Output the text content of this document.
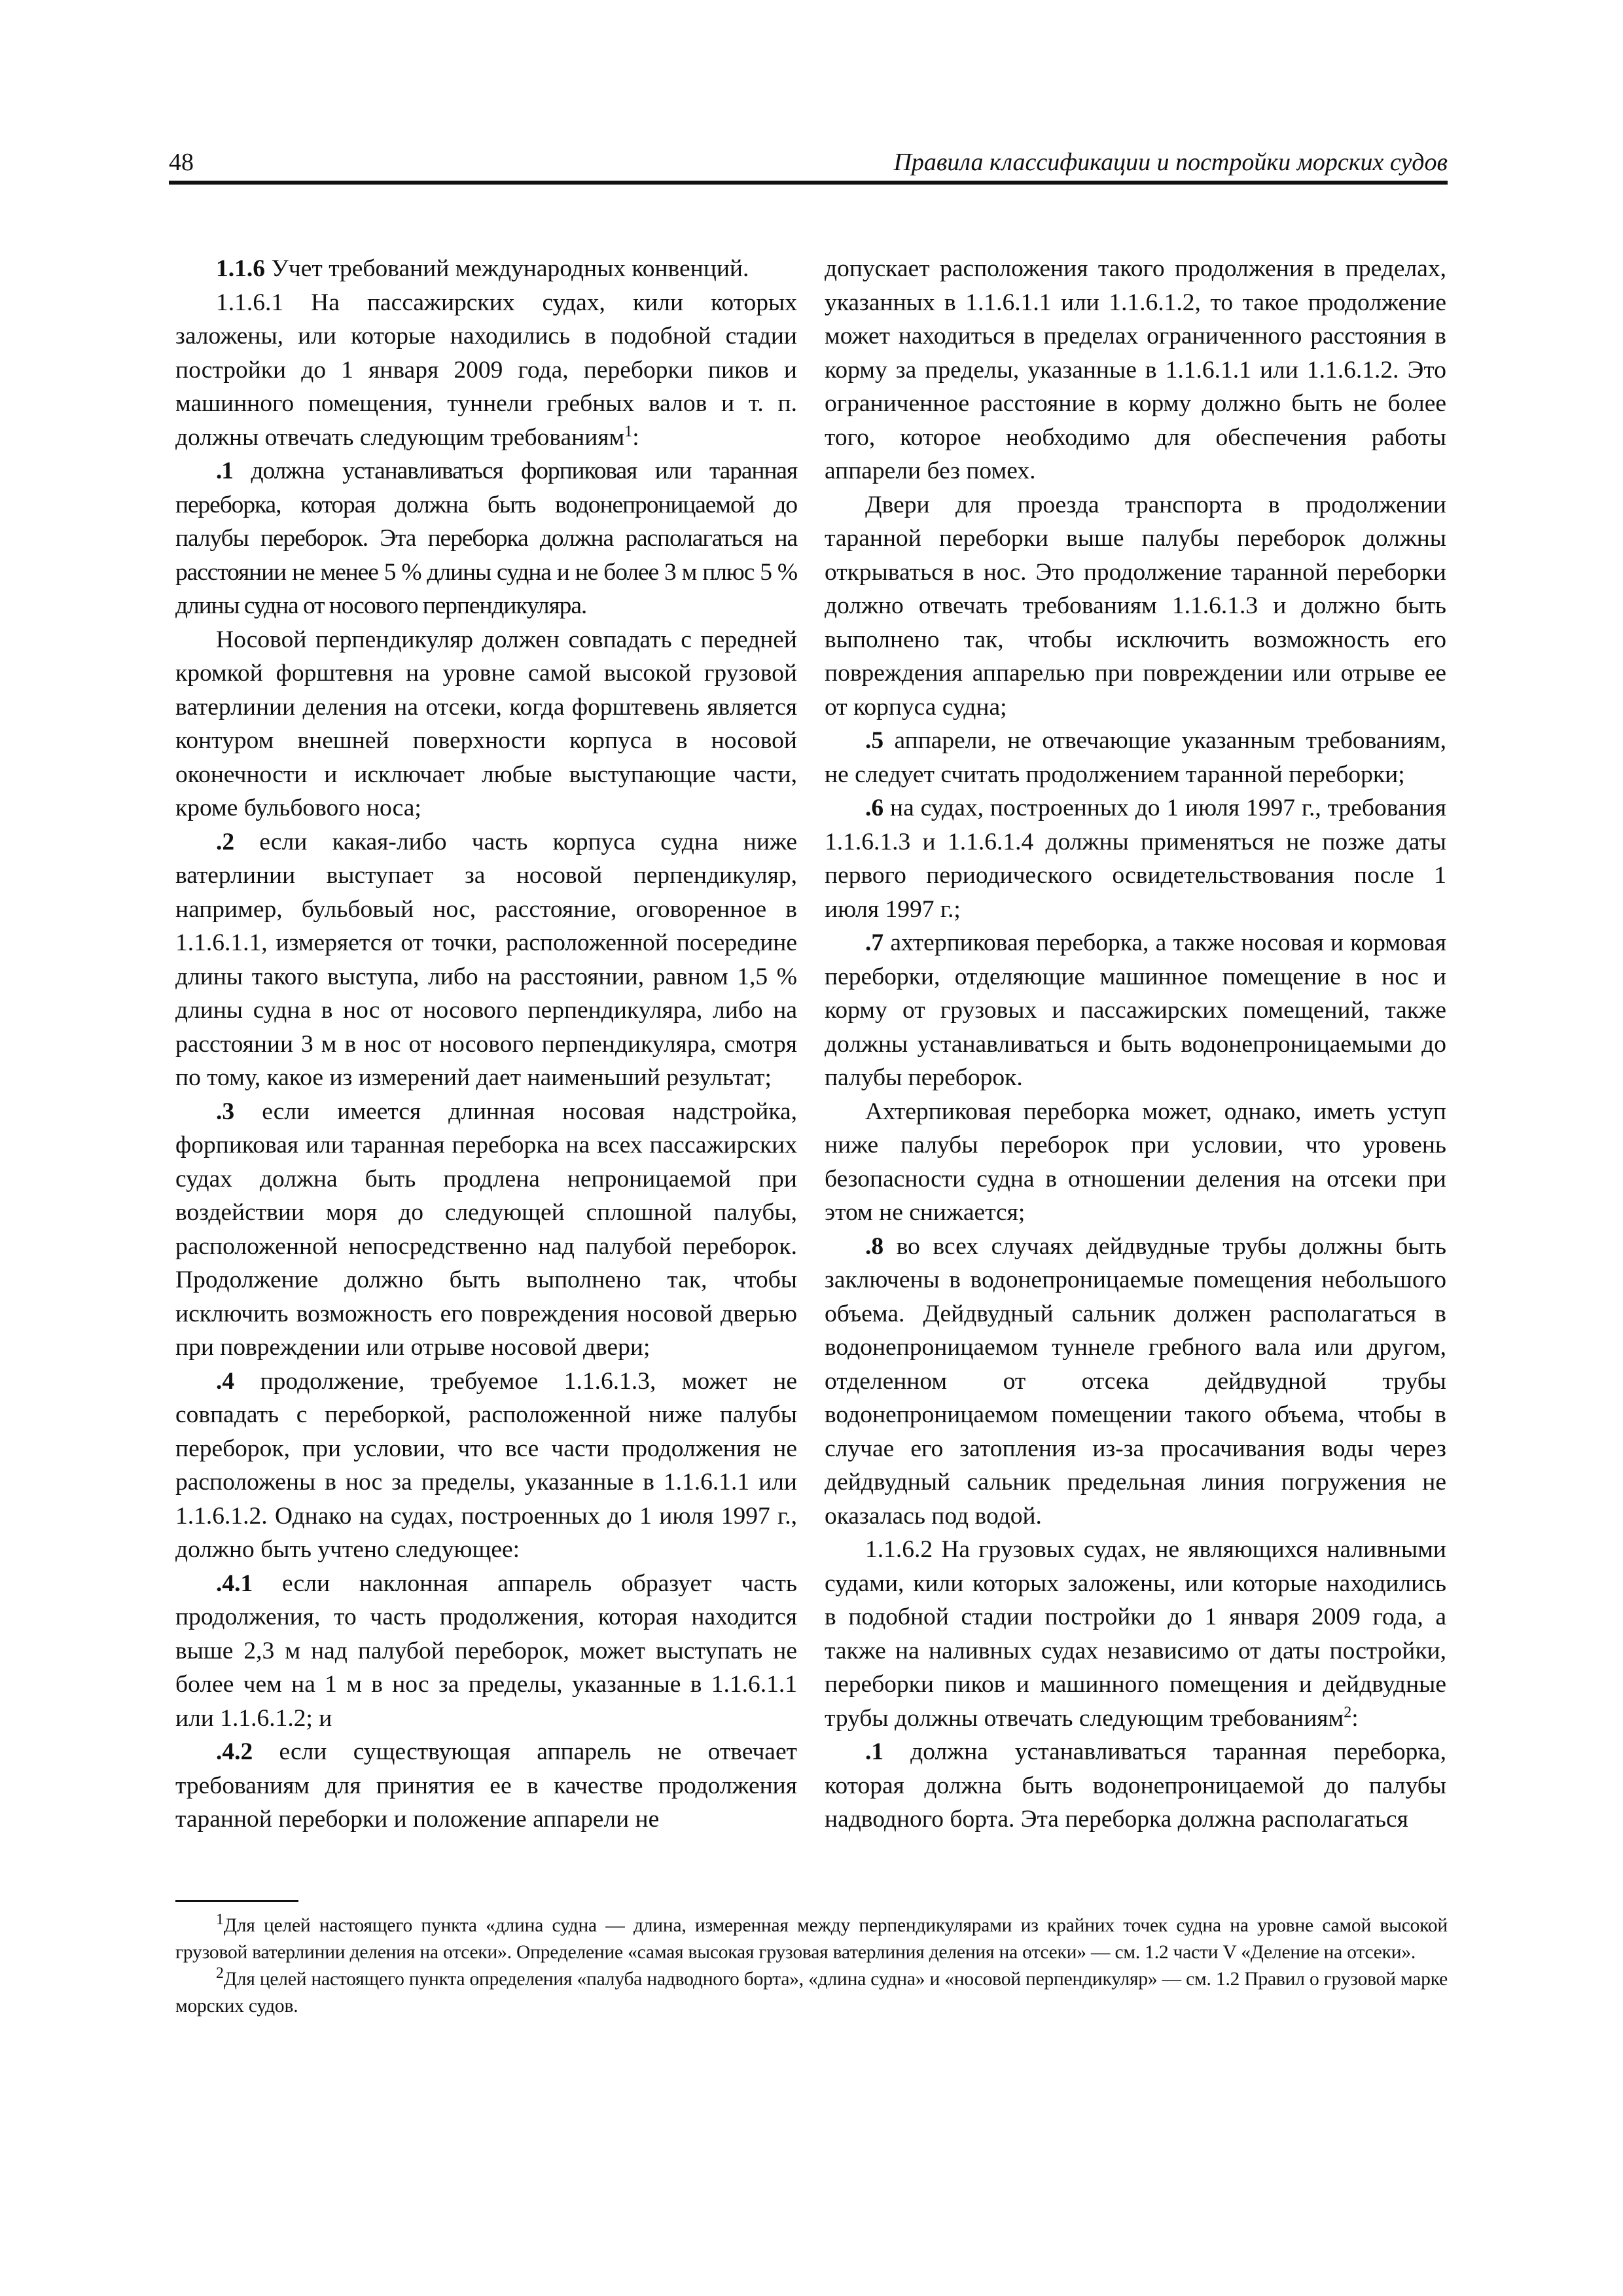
48	Правила классификации и постройки морских судов

1.1.6 Учет требований международных конвенций.

1.1.6.1 На пассажирских судах, кили которых заложены, или которые находились в подобной стадии постройки до 1 января 2009 года, переборки пиков и машинного помещения, туннели гребных валов и т. п. должны отвечать следующим требованиям$^1$:

.1 должна устанавливаться форпиковая или таранная переборка, которая должна быть водонепроницаемой до палубы переборок. Эта переборка должна располагаться на расстоянии не менее 5 % длины судна и не более 3 м плюс 5 % длины судна от носового перпендикуляра.

Носовой перпендикуляр должен совпадать с передней кромкой форштевня на уровне самой высокой грузовой ватерлинии деления на отсеки, когда форштевень является контуром внешней поверхности корпуса в носовой оконечности и исключает любые выступающие части, кроме бульбового носа;

.2 если какая-либо часть корпуса судна ниже ватерлинии выступает за носовой перпендикуляр, например, бульбовый нос, расстояние, оговоренное в 1.1.6.1.1, измеряется от точки, расположенной посередине длины такого выступа, либо на расстоянии, равном 1,5 % длины судна в нос от носового перпендикуляра, либо на расстоянии 3 м в нос от носового перпендикуляра, смотря по тому, какое из измерений дает наименьший результат;

.3 если имеется длинная носовая надстройка, форпиковая или таранная переборка на всех пассажирских судах должна быть продлена непроницаемой при воздействии моря до следующей сплошной палубы, расположенной непосредственно над палубой переборок. Продолжение должно быть выполнено так, чтобы исключить возможность его повреждения носовой дверью при повреждении или отрыве носовой двери;

.4 продолжение, требуемое 1.1.6.1.3, может не совпадать с переборкой, расположенной ниже палубы переборок, при условии, что все части продолжения не расположены в нос за пределы, указанные в 1.1.6.1.1 или 1.1.6.1.2. Однако на судах, построенных до 1 июля 1997 г., должно быть учтено следующее:

.4.1 если наклонная аппарель образует часть продолжения, то часть продолжения, которая находится выше 2,3 м над палубой переборок, может выступать не более чем на 1 м в нос за пределы, указанные в 1.1.6.1.1 или 1.1.6.1.2; и

.4.2 если существующая аппарель не отвечает требованиям для принятия ее в качестве продолжения таранной переборки и положение аппарели не

допускает расположения такого продолжения в пределах, указанных в 1.1.6.1.1 или 1.1.6.1.2, то такое продолжение может находиться в пределах ограниченного расстояния в корму за пределы, указанные в 1.1.6.1.1 или 1.1.6.1.2. Это ограниченное расстояние в корму должно быть не более того, которое необходимо для обеспечения работы аппарели без помех.

Двери для проезда транспорта в продолжении таранной переборки выше палубы переборок должны открываться в нос. Это продолжение таранной переборки должно отвечать требованиям 1.1.6.1.3 и должно быть выполнено так, чтобы исключить возможность его повреждения аппарелью при повреждении или отрыве ее от корпуса судна;

.5 аппарели, не отвечающие указанным требованиям, не следует считать продолжением таранной переборки;

.6 на судах, построенных до 1 июля 1997 г., требования 1.1.6.1.3 и 1.1.6.1.4 должны применяться не позже даты первого периодического освидетельствования после 1 июля 1997 г.;

.7 ахтерпиковая переборка, а также носовая и кормовая переборки, отделяющие машинное помещение в нос и корму от грузовых и пассажирских помещений, также должны устанавливаться и быть водонепроницаемыми до палубы переборок.

Ахтерпиковая переборка может, однако, иметь уступ ниже палубы переборок при условии, что уровень безопасности судна в отношении деления на отсеки при этом не снижается;

.8 во всех случаях дейдвудные трубы должны быть заключены в водонепроницаемые помещения небольшого объема. Дейдвудный сальник должен располагаться в водонепроницаемом туннеле гребного вала или другом, отделенном от отсека дейдвудной трубы водонепроницаемом помещении такого объема, чтобы в случае его затопления из-за просачивания воды через дейдвудный сальник предельная линия погружения не оказалась под водой.

1.1.6.2 На грузовых судах, не являющихся наливными судами, кили которых заложены, или которые находились в подобной стадии постройки до 1 января 2009 года, а также на наливных судах независимо от даты постройки, переборки пиков и машинного помещения и дейдвудные трубы должны отвечать следующим требованиям$^2$:

.1 должна устанавливаться таранная переборка, которая должна быть водонепроницаемой до палубы надводного борта. Эта переборка должна располагаться

$^1$Для целей настоящего пункта «длина судна — длина, измеренная между перпендикулярами из крайних точек судна на уровне самой высокой грузовой ватерлинии деления на отсеки». Определение «самая высокая грузовая ватерлиния деления на отсеки» — см. 1.2 части V «Деление на отсеки».

$^2$Для целей настоящего пункта определения «палуба надводного борта», «длина судна» и «носовой перпендикуляр» — см. 1.2 Правил о грузовой марке морских судов.
